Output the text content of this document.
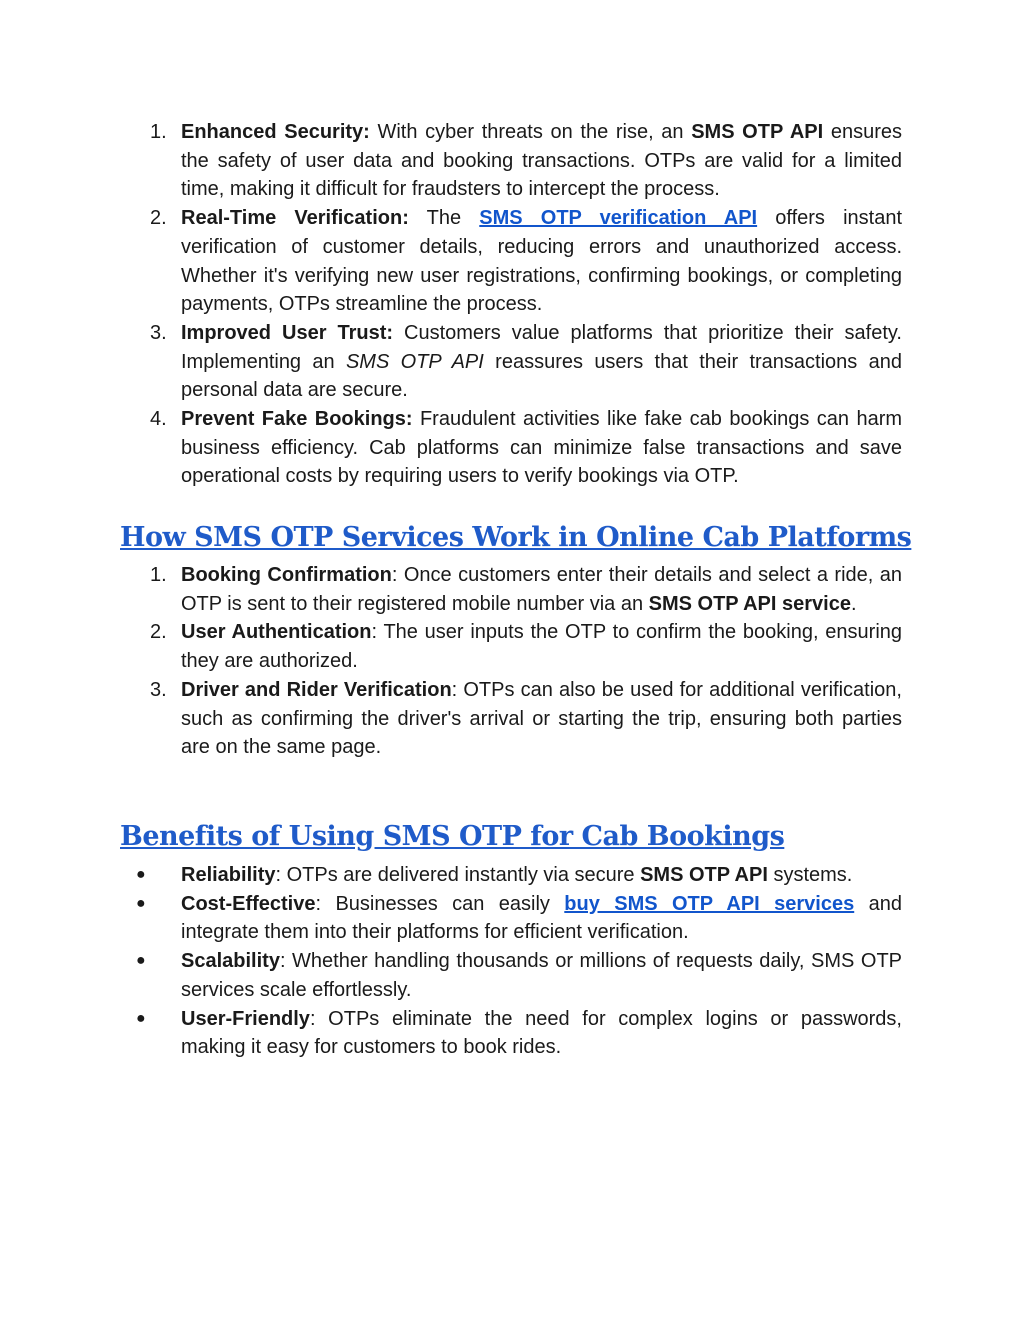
1. Enhanced Security: With cyber threats on the rise, an SMS OTP API ensures the safety of user data and booking transactions. OTPs are valid for a limited time, making it difficult for fraudsters to intercept the process.
2. Real-Time Verification: The SMS OTP verification API offers instant verification of customer details, reducing errors and unauthorized access. Whether it's verifying new user registrations, confirming bookings, or completing payments, OTPs streamline the process.
3. Improved User Trust: Customers value platforms that prioritize their safety. Implementing an SMS OTP API reassures users that their transactions and personal data are secure.
4. Prevent Fake Bookings: Fraudulent activities like fake cab bookings can harm business efficiency. Cab platforms can minimize false transactions and save operational costs by requiring users to verify bookings via OTP.
How SMS OTP Services Work in Online Cab Platforms
1. Booking Confirmation: Once customers enter their details and select a ride, an OTP is sent to their registered mobile number via an SMS OTP API service.
2. User Authentication: The user inputs the OTP to confirm the booking, ensuring they are authorized.
3. Driver and Rider Verification: OTPs can also be used for additional verification, such as confirming the driver's arrival or starting the trip, ensuring both parties are on the same page.
Benefits of Using SMS OTP for Cab Bookings
●	Reliability: OTPs are delivered instantly via secure SMS OTP API systems.
●	Cost-Effective: Businesses can easily buy SMS OTP API services and integrate them into their platforms for efficient verification.
●	Scalability: Whether handling thousands or millions of requests daily, SMS OTP services scale effortlessly.
●	User-Friendly: OTPs eliminate the need for complex logins or passwords, making it easy for customers to book rides.
